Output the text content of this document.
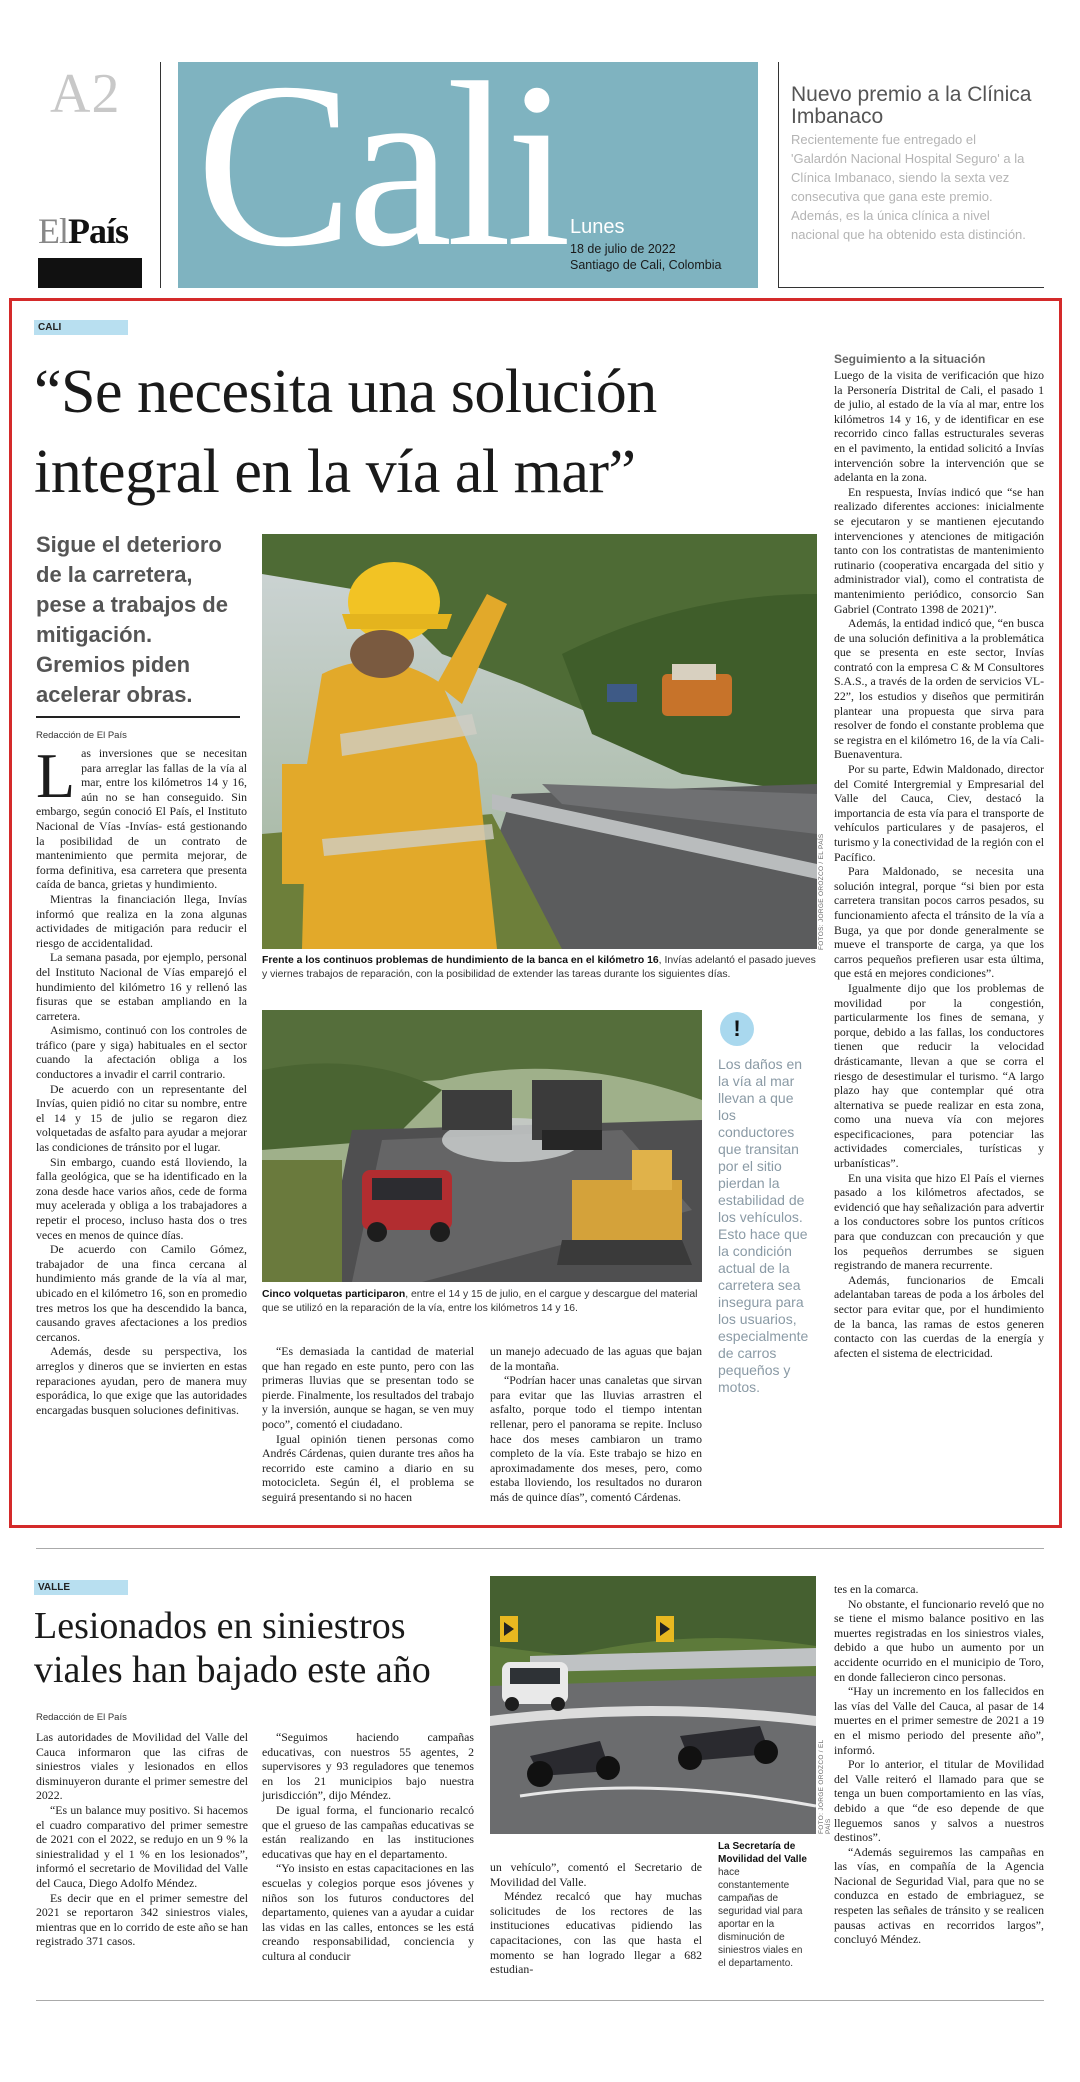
A2
ElPaís Cali Lunes
18 de julio de 2022
Santiago de Cali, Colombia
Nuevo premio a la Clínica Imbanaco
Recientemente fue entregado el 'Galardón Nacional Hospital Seguro' a la Clínica Imbanaco, siendo la sexta vez consecutiva que gana este premio. Además, es la única clínica a nivel nacional que ha obtenido esta distinción.
CALI
“Se necesita una solución
integral en la vía al mar”
Sigue el deterioro de la carretera, pese a trabajos de mitigación. Gremios piden acelerar obras.
Redacción de El País
L as inversiones que se necesitan para arreglar las fallas de la vía al mar, entre los kilómetros 14 y 16, aún no se han conseguido. Sin embargo, según conoció El País, el Instituto Nacional de Vías -Invías- está gestionando la posibilidad de un contrato de mantenimiento que permita mejorar, de forma definitiva, esa carretera que presenta caída de banca, grietas y hundimiento.

Mientras la financiación llega, Invías informó que realiza en la zona algunas actividades de mitigación para reducir el riesgo de accidentalidad.

La semana pasada, por ejemplo, personal del Instituto Nacional de Vías emparejó el hundimiento del kilómetro 16 y rellenó las fisuras que se estaban ampliando en la carretera.

Asimismo, continuó con los controles de tráfico (pare y siga) habituales en el sector cuando la afectación obliga a los conductores a invadir el carril contrario.

De acuerdo con un representante del Invías, quien pidió no citar su nombre, entre el 14 y 15 de julio se regaron diez volquetadas de asfalto para ayudar a mejorar las condiciones de tránsito por el lugar.

Sin embargo, cuando está lloviendo, la falla geológica, que se ha identificado en la zona desde hace varios años, cede de forma muy acelerada y obliga a los trabajadores a repetir el proceso, incluso hasta dos o tres veces en menos de quince días.

De acuerdo con Camilo Gómez, trabajador de una finca cercana al hundimiento más grande de la vía al mar, ubicado en el kilómetro 16, son en promedio tres metros los que ha descendido la banca, causando graves afectaciones a los predios cercanos.

Además, desde su perspectiva, los arreglos y dineros que se invierten en estas reparaciones ayudan, pero de manera muy esporádica, lo que exige que las autoridades encargadas busquen soluciones definitivas.

FOTOS: JORGE OROZCO / EL PAÍS
Frente a los continuos problemas de hundimiento de la banca en el kilómetro 16, Invías adelantó el pasado jueves y viernes trabajos de reparación, con la posibilidad de extender las tareas durante los siguientes días.
Cinco volquetas participaron, entre el 14 y 15 de julio, en el cargue y descargue del material que se utilizó en la reparación de la vía, entre los kilómetros 14 y 16.
!
Los daños en la vía al mar llevan a que los conductores que transitan por el sitio pierdan la estabilidad de los vehículos. Esto hace que la condición actual de la carretera sea insegura para los usuarios, especialmente de carros pequeños y motos.

“Es demasiada la cantidad de material que han regado en este punto, pero con las primeras lluvias que se presentan todo se pierde. Finalmente, los resultados del trabajo y la inversión, aunque se hagan, se ven muy poco”, comentó el ciudadano.

Igual opinión tienen personas como Andrés Cárdenas, quien durante tres años ha recorrido este camino a diario en su motocicleta. Según él, el problema se seguirá presentando si no hacen

un manejo adecuado de las aguas que bajan de la montaña.

“Podrían hacer unas canaletas que sirvan para evitar que las lluvias arrastren el asfalto, porque todo el tiempo intentan rellenar, pero el panorama se repite. Incluso hace dos meses cambiaron un tramo completo de la vía. Este trabajo se hizo en aproximadamente dos meses, pero, como estaba lloviendo, los resultados no duraron más de quince días”, comentó Cárdenas.

Seguimiento a la situación

Luego de la visita de verificación que hizo la Personería Distrital de Cali, el pasado 1 de julio, al estado de la vía al mar, entre los kilómetros 14 y 16, y de identificar en ese recorrido cinco fallas estructurales severas en el pavimento, la entidad solicitó a Invías intervención sobre la intervención que se adelanta en la zona.

En respuesta, Invías indicó que “se han realizado diferentes acciones: inicialmente se ejecutaron y se mantienen ejecutando intervenciones y atenciones de mitigación tanto con los contratistas de mantenimiento rutinario (cooperativa encargada del sitio y administrador vial), como el contratista de mantenimiento periódico, consorcio San Gabriel (Contrato 1398 de 2021)”.

Además, la entidad indicó que, “en busca de una solución definitiva a la problemática que se presenta en este sector, Invías contrató con la empresa C & M Consultores S.A.S., a través de la orden de servicios VL-22”, los estudios y diseños que permitirán plantear una propuesta que sirva para resolver de fondo el constante problema que se registra en el kilómetro 16, de la vía Cali-Buenaventura.

Por su parte, Edwin Maldonado, director del Comité Intergremial y Empresarial del Valle del Cauca, Ciev, destacó la importancia de esta vía para el transporte de vehículos particulares y de pasajeros, el turismo y la conectividad de la región con el Pacífico.

Para Maldonado, se necesita una solución integral, porque “si bien por esta carretera transitan pocos carros pesados, su funcionamiento afecta el tránsito de la vía a Buga, ya que por donde generalmente se mueve el transporte de carga, ya que los carros pequeños prefieren usar esta última, que está en mejores condiciones”.

Igualmente dijo que los problemas de movilidad por la congestión, particularmente los fines de semana, y porque, debido a las fallas, los conductores tienen que reducir la velocidad drásticamante, llevan a que se corra el riesgo de desestimular el turismo. “A largo plazo hay que contemplar qué otra alternativa se puede realizar en esta zona, como una nueva vía con mejores especificaciones, para potenciar las actividades comerciales, turísticas y urbanísticas”.

En una visita que hizo El País el viernes pasado a los kilómetros afectados, se evidenció que hay señalización para advertir a los conductores sobre los puntos críticos para que conduzcan con precaución y que los pequeños derrumbes se siguen registrando de manera recurrente.

Además, funcionarios de Emcali adelantaban tareas de poda a los árboles del sector para evitar que, por el hundimiento de la banca, las ramas de estos generen contacto con las cuerdas de la energía y afecten el sistema de electricidad.

VALLE
Lesionados en siniestros
viales han bajado este año
Redacción de El País

Las autoridades de Movilidad del Valle del Cauca informaron que las cifras de siniestros viales y lesionados en ellos disminuyeron durante el primer semestre del 2022.

“Es un balance muy positivo. Si hacemos el cuadro comparativo del primer semestre de 2021 con el 2022, se redujo en un 9 % la siniestralidad y el 1 % en los lesionados”, informó el secretario de Movilidad del Valle del Cauca, Diego Adolfo Méndez.

Es decir que en el primer semestre del 2021 se reportaron 342 siniestros viales, mientras que en lo corrido de este año se han registrado 371 casos.

“Seguimos haciendo campañas educativas, con nuestros 55 agentes, 2 supervisores y 93 reguladores que tenemos en los 21 municipios bajo nuestra jurisdicción”, dijo Méndez.

De igual forma, el funcionario recalcó que el grueso de las campañas educativas se están realizando en las instituciones educativas que hay en el departamento.

“Yo insisto en estas capacitaciones en las escuelas y colegios porque esos jóvenes y niños son los futuros conductores del departamento, quienes van a ayudar a cuidar las vidas en las calles, entonces se les está creando responsabilidad, conciencia y cultura al conducir

un vehículo”, comentó el Secretario de Movilidad del Valle.

Méndez recalcó que hay muchas solicitudes de los rectores de las instituciones educativas pidiendo las capacitaciones, con las que hasta el momento se han logrado llegar a 682 estudian-

FOTO: JORGE OROZCO / EL PAÍS
La Secretaría de Movilidad del Valle hace constantemente campañas de seguridad vial para aportar en la disminución de siniestros viales en el departamento.

tes en la comarca.

No obstante, el funcionario reveló que no se tiene el mismo balance positivo en las muertes registradas en los siniestros viales, debido a que hubo un aumento por un accidente ocurrido en el municipio de Toro, en donde fallecieron cinco personas.

“Hay un incremento en los fallecidos en las vías del Valle del Cauca, al pasar de 14 muertes en el primer semestre de 2021 a 19 en el mismo periodo del presente año”, informó.

Por lo anterior, el titular de Movilidad del Valle reiteró el llamado para que se tenga un buen comportamiento en las vías, debido a que “de eso depende de que lleguemos sanos y salvos a nuestros destinos”.

“Además seguiremos las campañas en las vías, en compañía de la Agencia Nacional de Seguridad Vial, para que no se conduzca en estado de embriaguez, se respeten las señales de tránsito y se realicen pausas activas en recorridos largos”, concluyó Méndez.
